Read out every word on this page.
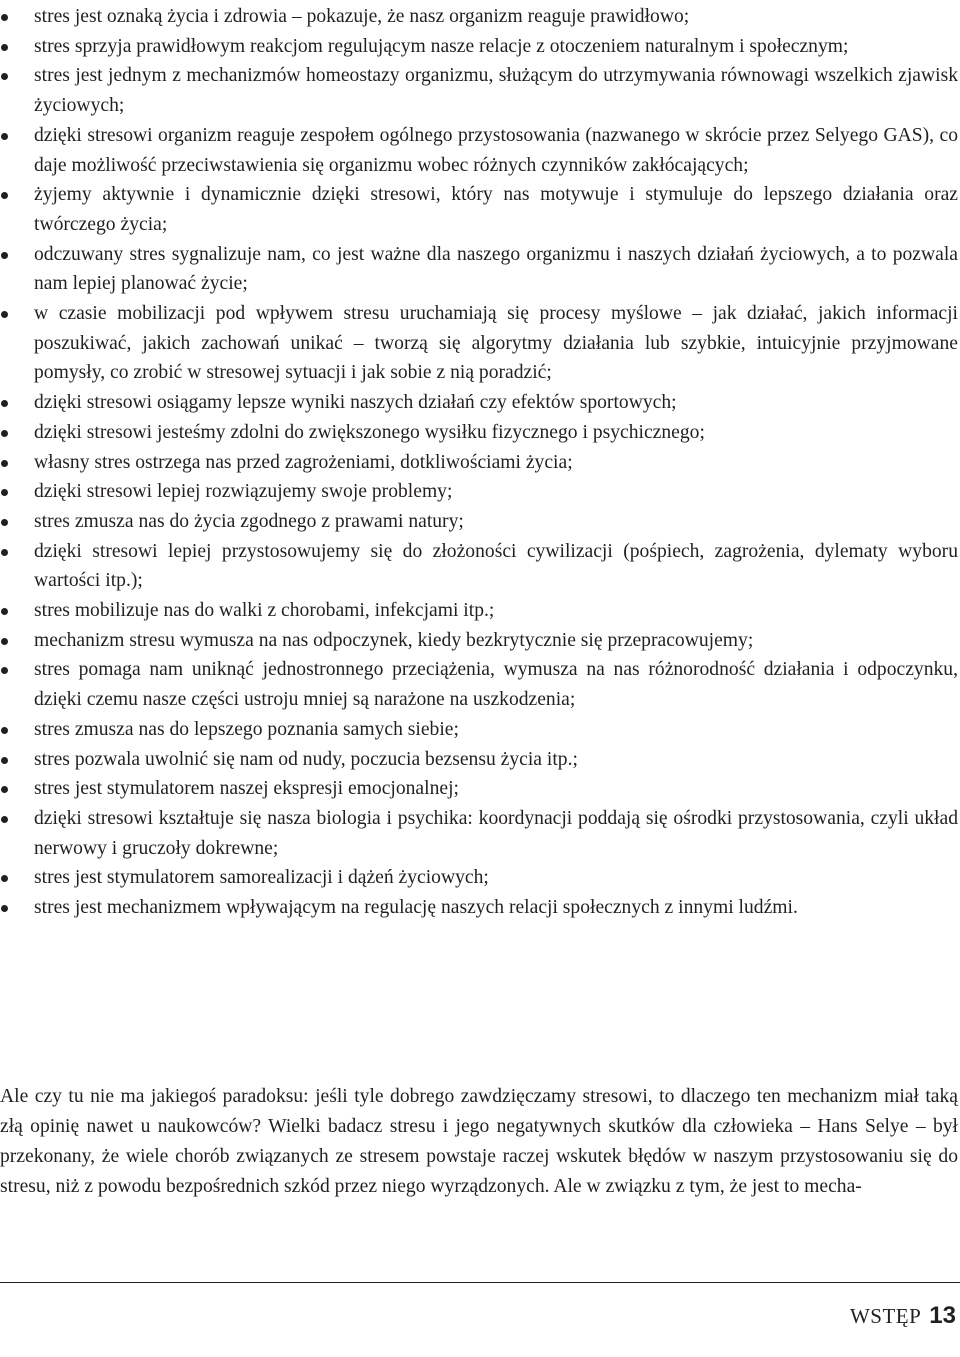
stres jest oznaką życia i zdrowia – pokazuje, że nasz organizm reaguje prawidłowo;
stres sprzyja prawidłowym reakcjom regulującym nasze relacje z otoczeniem naturalnym i społecznym;
stres jest jednym z mechanizmów homeostazy organizmu, służącym do utrzymywania równowagi wszelkich zjawisk życiowych;
dzięki stresowi organizm reaguje zespołem ogólnego przystosowania (nazwanego w skrócie przez Selyego GAS), co daje możliwość przeciwstawienia się organizmu wobec różnych czynników zakłócających;
żyjemy aktywnie i dynamicznie dzięki stresowi, który nas motywuje i stymuluje do lepszego działania oraz twórczego życia;
odczuwany stres sygnalizuje nam, co jest ważne dla naszego organizmu i naszych działań życiowych, a to pozwala nam lepiej planować życie;
w czasie mobilizacji pod wpływem stresu uruchamiają się procesy myślowe – jak działać, jakich informacji poszukiwać, jakich zachowań unikać – tworzą się algorytmy działania lub szybkie, intuicyjnie przyjmowane pomysły, co zrobić w stresowej sytuacji i jak sobie z nią poradzić;
dzięki stresowi osiągamy lepsze wyniki naszych działań czy efektów sportowych;
dzięki stresowi jesteśmy zdolni do zwiększonego wysiłku fizycznego i psychicznego;
własny stres ostrzega nas przed zagrożeniami, dotkliwościami życia;
dzięki stresowi lepiej rozwiązujemy swoje problemy;
stres zmusza nas do życia zgodnego z prawami natury;
dzięki stresowi lepiej przystosowujemy się do złożoności cywilizacji (pośpiech, zagrożenia, dylematy wyboru wartości itp.);
stres mobilizuje nas do walki z chorobami, infekcjami itp.;
mechanizm stresu wymusza na nas odpoczynek, kiedy bezkrytycznie się przepracowujemy;
stres pomaga nam uniknąć jednostronnego przeciążenia, wymusza na nas różnorodność działania i odpoczynku, dzięki czemu nasze części ustroju mniej są narażone na uszkodzenia;
stres zmusza nas do lepszego poznania samych siebie;
stres pozwala uwolnić się nam od nudy, poczucia bezsensu życia itp.;
stres jest stymulatorem naszej ekspresji emocjonalnej;
dzięki stresowi kształtuje się nasza biologia i psychika: koordynacji poddają się ośrodki przystosowania, czyli układ nerwowy i gruczoły dokrewne;
stres jest stymulatorem samorealizacji i dążeń życiowych;
stres jest mechanizmem wpływającym na regulację naszych relacji społecznych z innymi ludźmi.

Ale czy tu nie ma jakiegoś paradoksu: jeśli tyle dobrego zawdzięczamy stresowi, to dlaczego ten mechanizm miał taką złą opinię nawet u naukowców? Wielki badacz stresu i jego negatywnych skutków dla człowieka – Hans Selye – był przekonany, że wiele chorób związanych ze stresem powstaje raczej wskutek błędów w naszym przystosowaniu się do stresu, niż z powodu bezpośrednich szkód przez niego wyrządzonych. Ale w związku z tym, że jest to mecha-

WSTĘP 13
